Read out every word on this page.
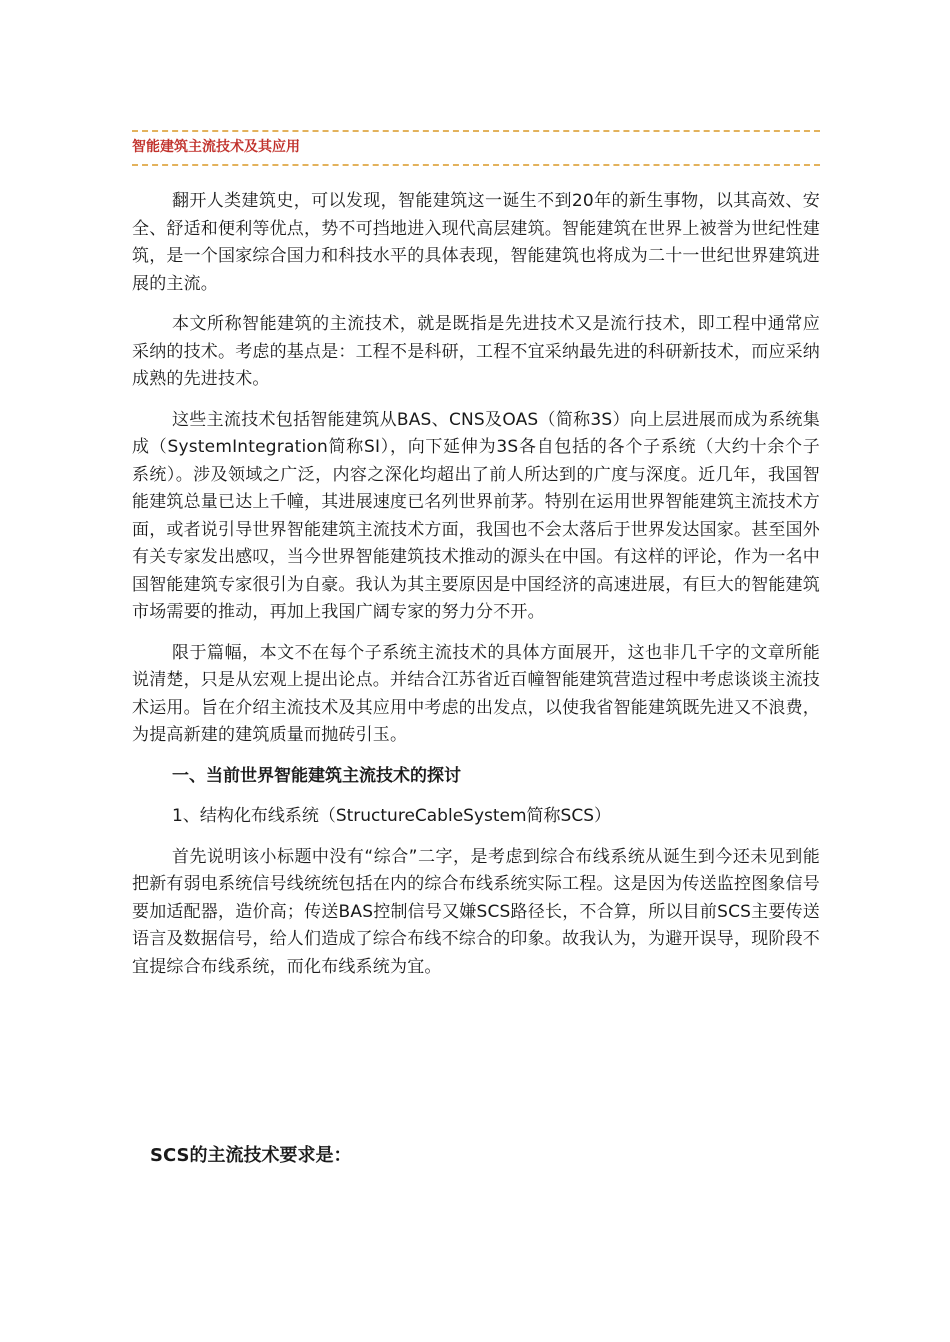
智能建筑主流技术及其应用

翻开人类建筑史，可以发现，智能建筑这一诞生不到20年的新生事物，以其高效、安全、舒适和便利等优点，势不可挡地进入现代高层建筑。智能建筑在世界上被誉为世纪性建筑，是一个国家综合国力和科技水平的具体表现，智能建筑也将成为二十一世纪世界建筑进展的主流。

本文所称智能建筑的主流技术，就是既指是先进技术又是流行技术，即工程中通常应采纳的技术。考虑的基点是：工程不是科研，工程不宜采纳最先进的科研新技术，而应采纳成熟的先进技术。

这些主流技术包括智能建筑从BAS、CNS及OAS（简称3S）向上层进展而成为系统集成（SystemIntegration简称SI），向下延伸为3S各自包括的各个子系统（大约十余个子系统）。涉及领域之广泛，内容之深化均超出了前人所达到的广度与深度。近几年，我国智能建筑总量已达上千幢，其进展速度已名列世界前茅。特别在运用世界智能建筑主流技术方面，或者说引导世界智能建筑主流技术方面，我国也不会太落后于世界发达国家。甚至国外有关专家发出感叹，当今世界智能建筑技术推动的源头在中国。有这样的评论，作为一名中国智能建筑专家很引为自豪。我认为其主要原因是中国经济的高速进展，有巨大的智能建筑市场需要的推动，再加上我国广阔专家的努力分不开。

限于篇幅，本文不在每个子系统主流技术的具体方面展开，这也非几千字的文章所能说清楚，只是从宏观上提出论点。并结合江苏省近百幢智能建筑营造过程中考虑谈谈主流技术运用。旨在介绍主流技术及其应用中考虑的出发点，以使我省智能建筑既先进又不浪费，为提高新建的建筑质量而抛砖引玉。

一、当前世界智能建筑主流技术的探讨

1、结构化布线系统（StructureCableSystem简称SCS）

首先说明该小标题中没有“综合”二字，是考虑到综合布线系统从诞生到今还未见到能把新有弱电系统信号线统统包括在内的综合布线系统实际工程。这是因为传送监控图象信号要加适配器，造价高；传送BAS控制信号又嫌SCS路径长，不合算，所以目前SCS主要传送语言及数据信号，给人们造成了综合布线不综合的印象。故我认为，为避开误导，现阶段不宜提综合布线系统，而化布线系统为宜。

SCS的主流技术要求是：
